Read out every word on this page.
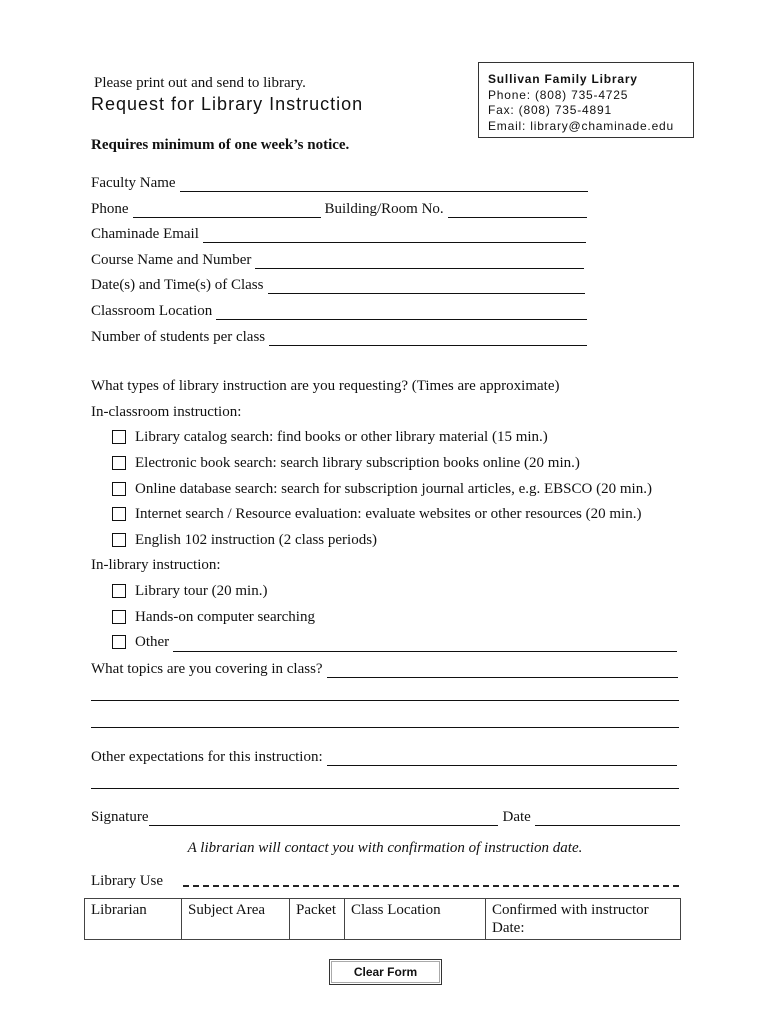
Please print out and send to library.
Request for Library Instruction
Requires minimum of one week’s notice.
Sullivan Family Library
Phone: (808) 735-4725
Fax: (808) 735-4891
Email: library@chaminade.edu
Faculty Name
Phone	Building/Room No.
Chaminade Email
Course Name and Number
Date(s) and Time(s) of Class
Classroom Location
Number of students per class
What types of library instruction are you requesting? (Times are approximate)
In-classroom instruction:
Library catalog search: find books or other library material (15 min.)
Electronic book search: search library subscription books online (20 min.)
Online database search: search for subscription journal articles, e.g. EBSCO (20 min.)
Internet search / Resource evaluation: evaluate websites or other resources (20 min.)
English 102 instruction (2 class periods)
In-library instruction:
Library tour (20 min.)
Hands-on computer searching
Other
What topics are you covering in class?
Other expectations for this instruction:
Signature	Date
A librarian will contact you with confirmation of instruction date.
Library Use
Librarian	Subject Area	Packet	Class Location	Confirmed with instructor Date:
Clear Form
